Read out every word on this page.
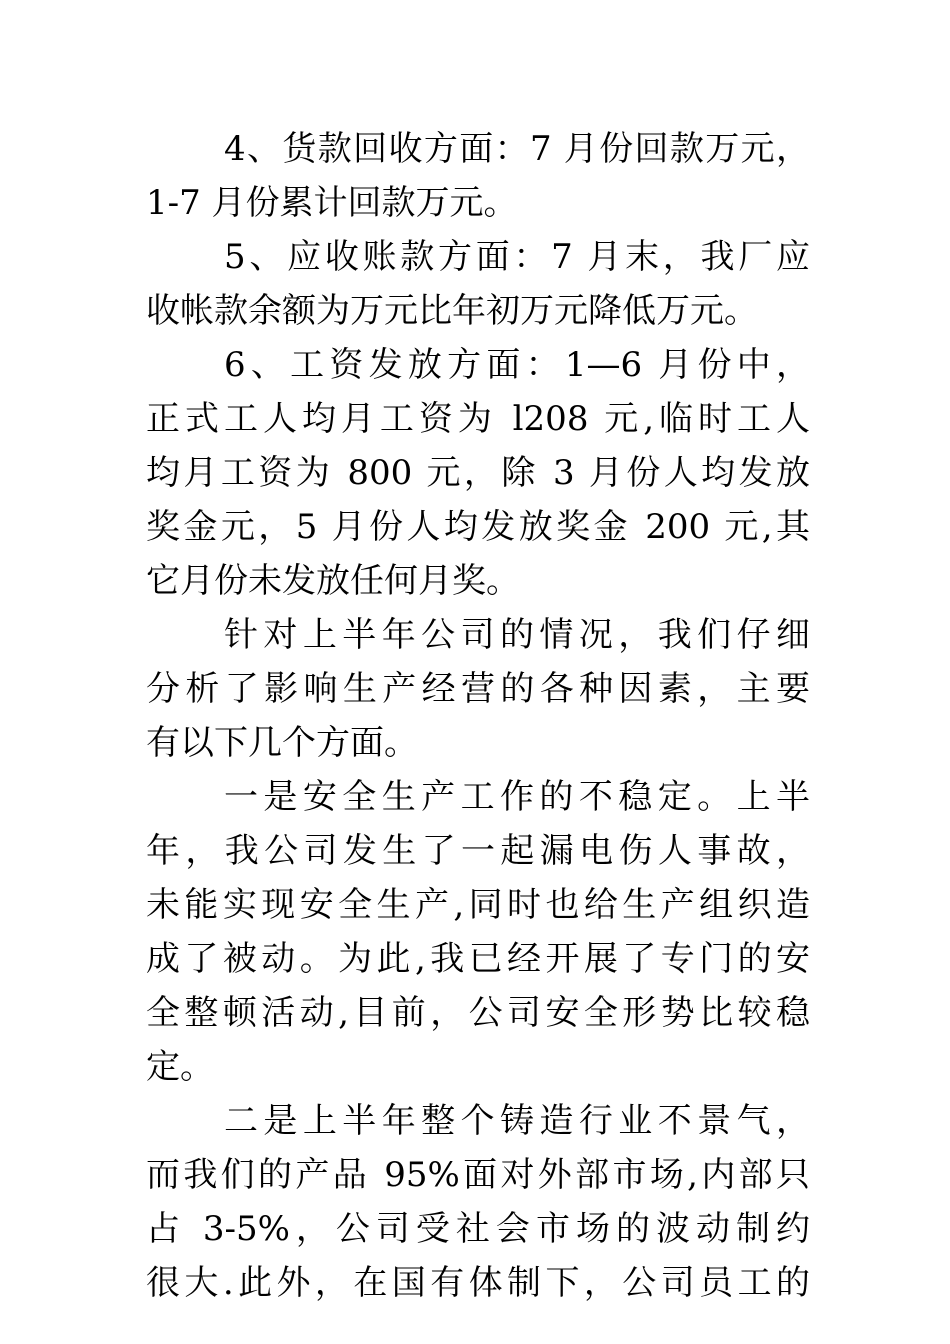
4、货款回收方面：7 月份回款万元，
1-7 月份累计回款万元。
5、应收账款方面：7 月末，我厂应
收帐款余额为万元比年初万元降低万元。
6、工资发放方面：1—6 月份中，
正式工人均月工资为 l208 元,临时工人
均月工资为 800 元，除 3 月份人均发放
奖金元，5 月份人均发放奖金 200 元,其
它月份未发放任何月奖。
针对上半年公司的情况，我们仔细
分析了影响生产经营的各种因素，主要
有以下几个方面。
一是安全生产工作的不稳定。上半
年，我公司发生了一起漏电伤人事故，
未能实现安全生产,同时也给生产组织造
成了被动。为此,我已经开展了专门的安
全整顿活动,目前，公司安全形势比较稳
定。
二是上半年整个铸造行业不景气，
而我们的产品 95%面对外部市场,内部只
占 3-5%，公司受社会市场的波动制约
很大.此外，在国有体制下，公司员工的
